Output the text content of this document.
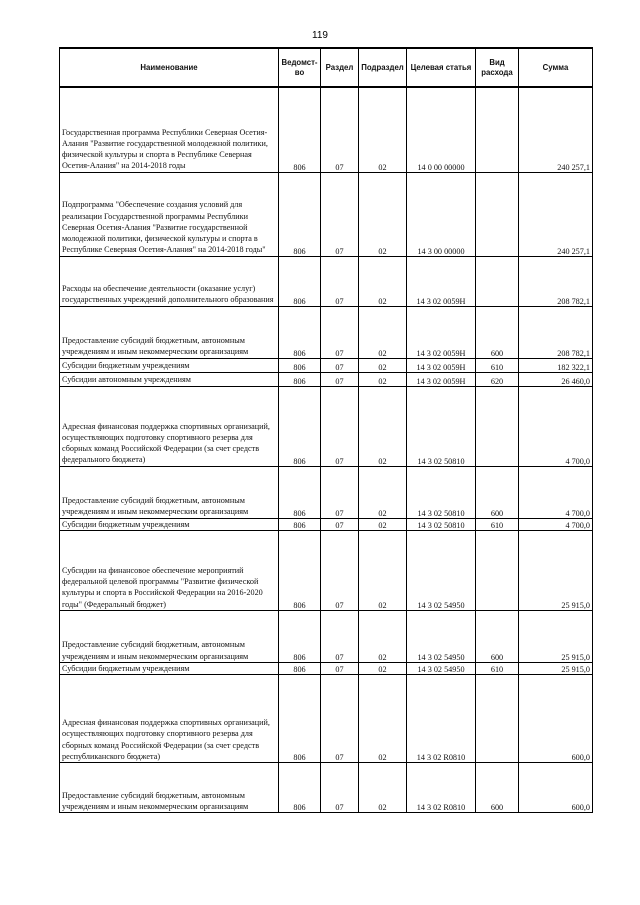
119
Наименование	Ведомст-во	Раздел	Подраздел	Целевая статья	Вид расхода	Сумма
Государственная программа Республики Северная Осетия-Алания "Развитие государственной молодежной политики, физической культуры и спорта в Республике Северная Осетия-Алания" на 2014-2018 годы	806	07	02	14 0 00 00000		240 257,1
Подпрограмма "Обеспечение создания условий для реализации Государственной программы Республики Северная Осетия-Алания "Развитие государственной молодежной политики, физической культуры и спорта в Республике Северная Осетия-Алания" на 2014-2018 годы"	806	07	02	14 3 00 00000		240 257,1
Расходы на обеспечение деятельности (оказание услуг) государственных учреждений дополнительного образования	806	07	02	14 3 02 0059Н		208 782,1
Предоставление субсидий бюджетным, автономным учреждениям и иным некоммерческим организациям	806	07	02	14 3 02 0059Н	600	208 782,1
Субсидии бюджетным учреждениям	806	07	02	14 3 02 0059Н	610	182 322,1
Субсидии автономным учреждениям	806	07	02	14 3 02 0059Н	620	26 460,0
Адресная финансовая поддержка спортивных организаций, осуществляющих подготовку спортивного резерва для сборных команд Российской Федерации (за счет средств федерального бюджета)	806	07	02	14 3 02 50810		4 700,0
Предоставление субсидий бюджетным, автономным учреждениям и иным некоммерческим организациям	806	07	02	14 3 02 50810	600	4 700,0
Субсидии бюджетным учреждениям	806	07	02	14 3 02 50810	610	4 700,0
Субсидии на финансовое обеспечение мероприятий федеральной целевой программы "Развитие физической культуры и спорта в Российской Федерации на 2016-2020 годы" (Федеральный бюджет)	806	07	02	14 3 02 54950		25 915,0
Предоставление субсидий бюджетным, автономным учреждениям и иным некоммерческим организациям	806	07	02	14 3 02 54950	600	25 915,0
Субсидии бюджетным учреждениям	806	07	02	14 3 02 54950	610	25 915,0
Адресная финансовая поддержка спортивных организаций, осуществляющих подготовку спортивного резерва для сборных команд Российской Федерации (за счет средств республиканского бюджета)	806	07	02	14 3 02 R0810		600,0
Предоставление субсидий бюджетным, автономным учреждениям и иным некоммерческим организациям	806	07	02	14 3 02 R0810	600	600,0
